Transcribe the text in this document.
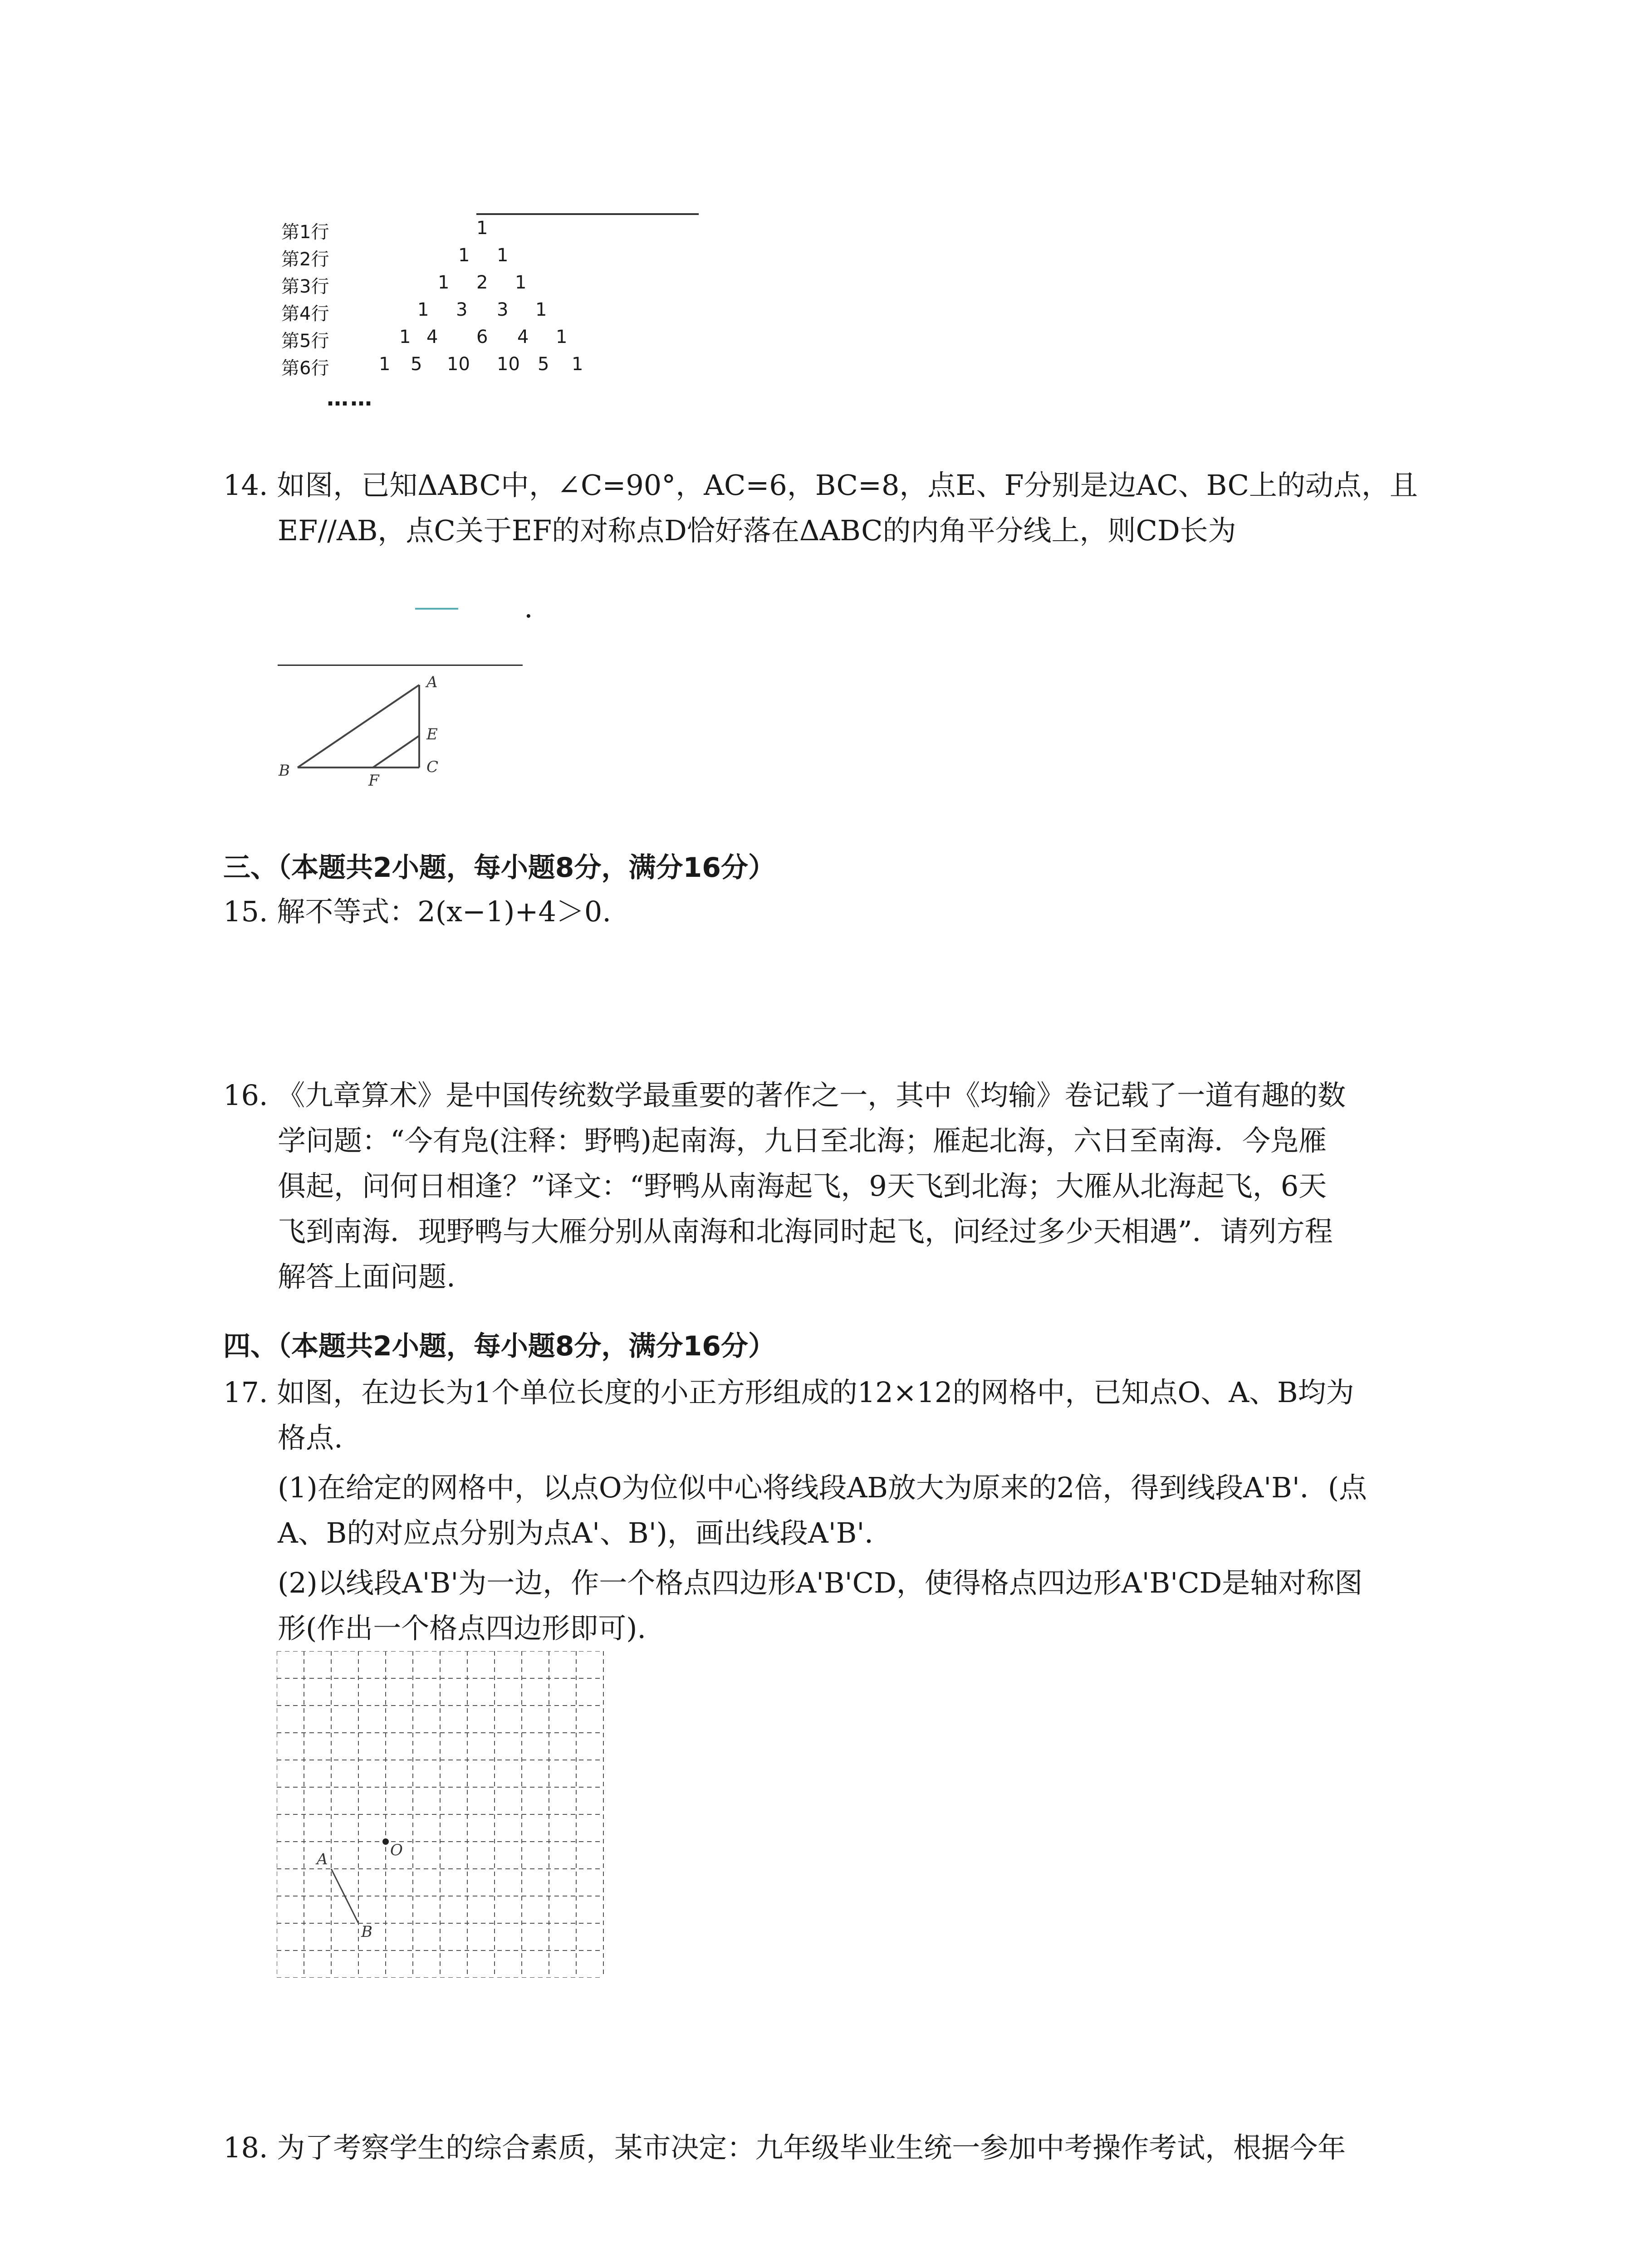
第1行
第2行
第3行
第4行
第5行
第6行
1
1 1
1 2 1
1 3 3 1
1 4 6 4 1
1 5 10 10 5 1
……
14. 如图，已知ΔABC中，∠C=90°，AC=6，BC=8，点E、F分别是边AC、BC上的动点，且
EF//AB，点C关于EF的对称点D恰好落在ΔABC的内角平分线上，则CD长为
.
A
B	C
E
F
三、（本题共2小题，每小题8分，满分16分）
15. 解不等式：2(x−1)+4＞0.
16. 《九章算术》是中国传统数学最重要的著作之一，其中《均输》卷记载了一道有趣的数
学问题：“今有凫(注释：野鸭)起南海，九日至北海；雁起北海，六日至南海．今凫雁
俱起，问何日相逢？”译文：“野鸭从南海起飞，9天飞到北海；大雁从北海起飞，6天
飞到南海．现野鸭与大雁分别从南海和北海同时起飞，问经过多少天相遇”．请列方程
解答上面问题.
四、（本题共2小题，每小题8分，满分16分）
17. 如图，在边长为1个单位长度的小正方形组成的12×12的网格中，已知点O、A、B均为
格点.
(1)在给定的网格中，以点O为位似中心将线段AB放大为原来的2倍，得到线段A'B'．(点
A、B的对应点分别为点A'、B')，画出线段A'B'．
(2)以线段A'B'为一边，作一个格点四边形A'B'CD，使得格点四边形A'B'CD是轴对称图
形(作出一个格点四边形即可).
O
A
B
18. 为了考察学生的综合素质，某市决定：九年级毕业生统一参加中考操作考试，根据今年
